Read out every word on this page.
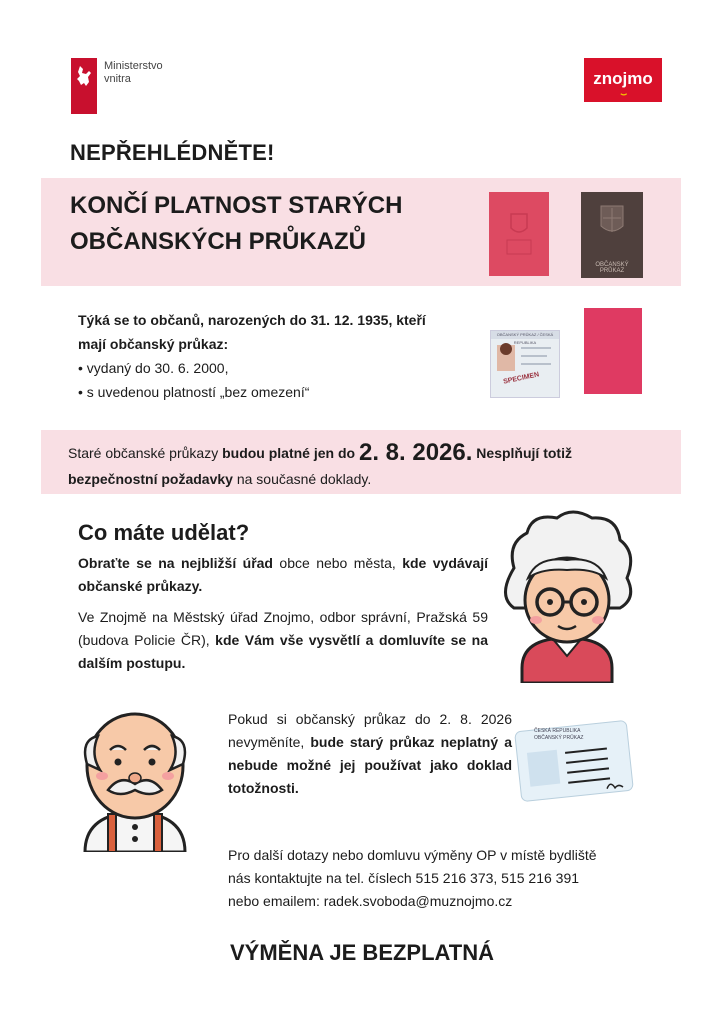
Ministerstvo
vnitra	znojmo
NEPŘEHLÉDNĚTE!
KONČÍ PLATNOST STARÝCH
OBČANSKÝCH PRŮKAZŮ
OBČANSKÝ PRŮKAZ
Týká se to občanů, narozených do 31. 12. 1935, kteří
mají občanský průkaz:
• vydaný do 30. 6. 2000,
• s uvedenou platností „bez omezení“
OBČANSKÝ PRŮKAZ / ČESKÁ REPUBLIKA
SPECIMEN
Staré občanské průkazy budou platné jen do 2. 8. 2026. Nesplňují totiž
bezpečnostní požadavky na současné doklady.
Co máte udělat?
Obraťte se na nejbližší úřad obce nebo města, kde vydávají občanské průkazy.
Ve Znojmě na Městský úřad Znojmo, odbor správní, Pražská 59 (budova Policie ČR), kde Vám vše vysvětlí a domluvíte se na dalším postupu.
ČESKÁ REPUBLIKA
OBČANSKÝ PRŮKAZ
Pokud si občanský průkaz do 2. 8. 2026 nevyměníte, bude starý průkaz neplatný a nebude možné jej používat jako doklad totožnosti.
Pro další dotazy nebo domluvu výměny OP v místě bydliště
nás kontaktujte na tel. číslech 515 216 373, 515 216 391
nebo emailem: radek.svoboda@muznojmo.cz
VÝMĚNA JE BEZPLATNÁ
